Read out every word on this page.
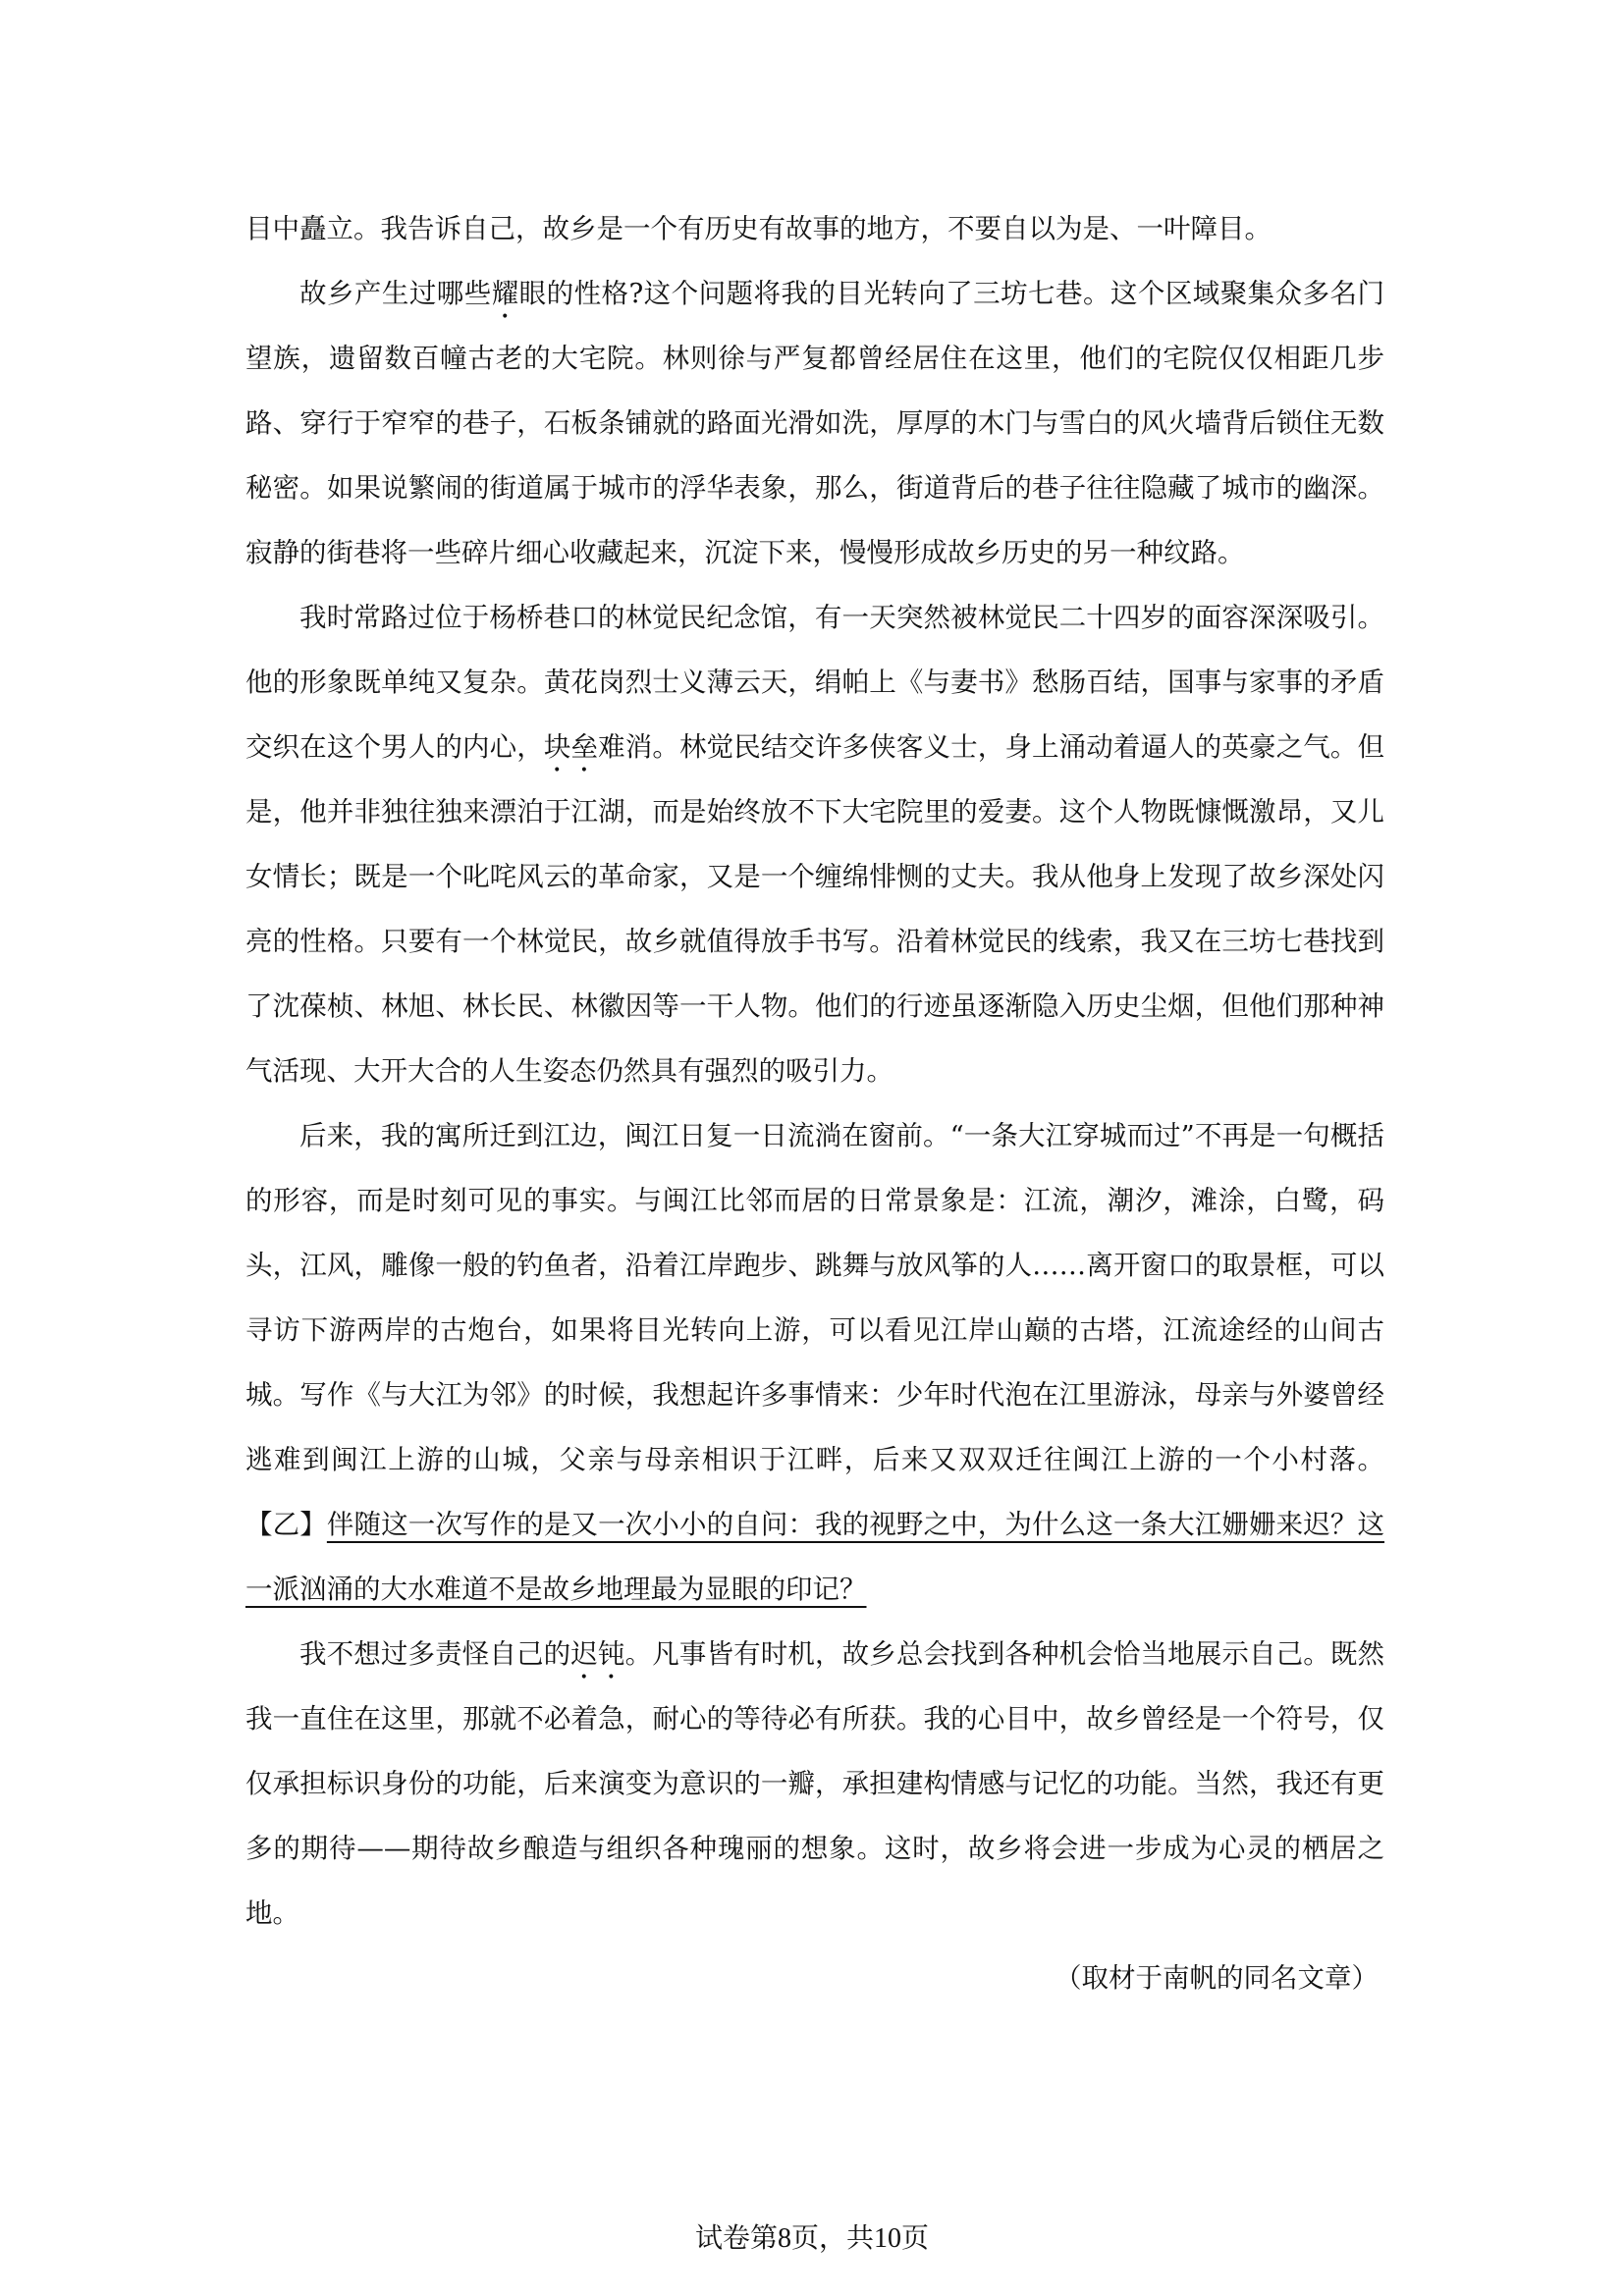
目中矗立。我告诉自己，故乡是一个有历史有故事的地方，不要自以为是、一叶障目。

故乡产生过哪些耀眼的性格?这个问题将我的目光转向了三坊七巷。这个区域聚集众多名门望族，遗留数百幢古老的大宅院。林则徐与严复都曾经居住在这里，他们的宅院仅仅相距几步路、穿行于窄窄的巷子，石板条铺就的路面光滑如洗，厚厚的木门与雪白的风火墙背后锁住无数秘密。如果说繁闹的街道属于城市的浮华表象，那么，街道背后的巷子往往隐藏了城市的幽深。寂静的街巷将一些碎片细心收藏起来，沉淀下来，慢慢形成故乡历史的另一种纹路。

我时常路过位于杨桥巷口的林觉民纪念馆，有一天突然被林觉民二十四岁的面容深深吸引。他的形象既单纯又复杂。黄花岗烈士义薄云天，绢帕上《与妻书》愁肠百结，国事与家事的矛盾交织在这个男人的内心，块垒难消。林觉民结交许多侠客义士，身上涌动着逼人的英豪之气。但是，他并非独往独来漂泊于江湖，而是始终放不下大宅院里的爱妻。这个人物既慷慨激昂，又儿女情长；既是一个叱咤风云的革命家，又是一个缠绵悱恻的丈夫。我从他身上发现了故乡深处闪亮的性格。只要有一个林觉民，故乡就值得放手书写。沿着林觉民的线索，我又在三坊七巷找到了沈葆桢、林旭、林长民、林徽因等一干人物。他们的行迹虽逐渐隐入历史尘烟，但他们那种神气活现、大开大合的人生姿态仍然具有强烈的吸引力。

后来，我的寓所迁到江边，闽江日复一日流淌在窗前。“一条大江穿城而过”不再是一句概括的形容，而是时刻可见的事实。与闽江比邻而居的日常景象是：江流，潮汐，滩涂，白鹭，码头，江风，雕像一般的钓鱼者，沿着江岸跑步、跳舞与放风筝的人……离开窗口的取景框，可以寻访下游两岸的古炮台，如果将目光转向上游，可以看见江岸山巅的古塔，江流途经的山间古城。写作《与大江为邻》的时候，我想起许多事情来：少年时代泡在江里游泳，母亲与外婆曾经逃难到闽江上游的山城，父亲与母亲相识于江畔，后来又双双迁往闽江上游的一个小村落。【乙】伴随这一次写作的是又一次小小的自问：我的视野之中，为什么这一条大江姗姗来迟？这一派汹涌的大水难道不是故乡地理最为显眼的印记？

我不想过多责怪自己的迟钝。凡事皆有时机，故乡总会找到各种机会恰当地展示自己。既然我一直住在这里，那就不必着急，耐心的等待必有所获。我的心目中，故乡曾经是一个符号，仅仅承担标识身份的功能，后来演变为意识的一瓣，承担建构情感与记忆的功能。当然，我还有更多的期待——期待故乡酿造与组织各种瑰丽的想象。这时，故乡将会进一步成为心灵的栖居之地。

（取材于南帆的同名文章）

试卷第8页，共10页
